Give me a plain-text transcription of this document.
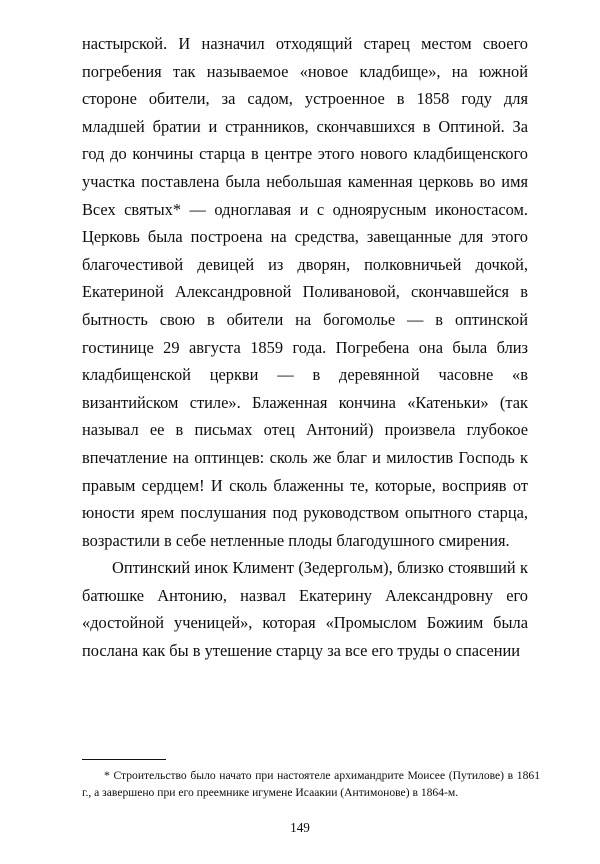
настырской. И назначил отходящий старец местом своего погребения так называемое «новое кладбище», на южной стороне обители, за садом, устроенное в 1858 году для младшей братии и странников, скончавшихся в Оптиной. За год до кончины старца в центре этого нового кладбищенского участка поставлена была небольшая каменная церковь во имя Всех святых* — одноглавая и с одноярусным иконостасом. Церковь была построена на средства, завещанные для этого благочестивой девицей из дворян, полковничьей дочкой, Екатериной Александровной Поливановой, скончавшейся в бытность свою в обители на богомолье — в оптинской гостинице 29 августа 1859 года. Погребена она была близ кладбищенской церкви — в деревянной часовне «в византийском стиле». Блаженная кончина «Катеньки» (так называл ее в письмах отец Антоний) произвела глубокое впечатление на оптинцев: сколь же благ и милостив Господь к правым сердцем! И сколь блаженны те, которые, восприяв от юности ярем послушания под руководством опытного старца, возрастили в себе нетленные плоды благодушного смирения.

Оптинский инок Климент (Зедергольм), близко стоявший к батюшке Антонию, назвал Екатерину Александровну его «достойной ученицей», которая «Промыслом Божиим была послана как бы в утешение старцу за все его труды о спасении

* Строительство было начато при настоятеле архимандрите Моисее (Путилове) в 1861 г., а завершено при его преемнике игумене Исаакии (Антимонове) в 1864-м.
149
